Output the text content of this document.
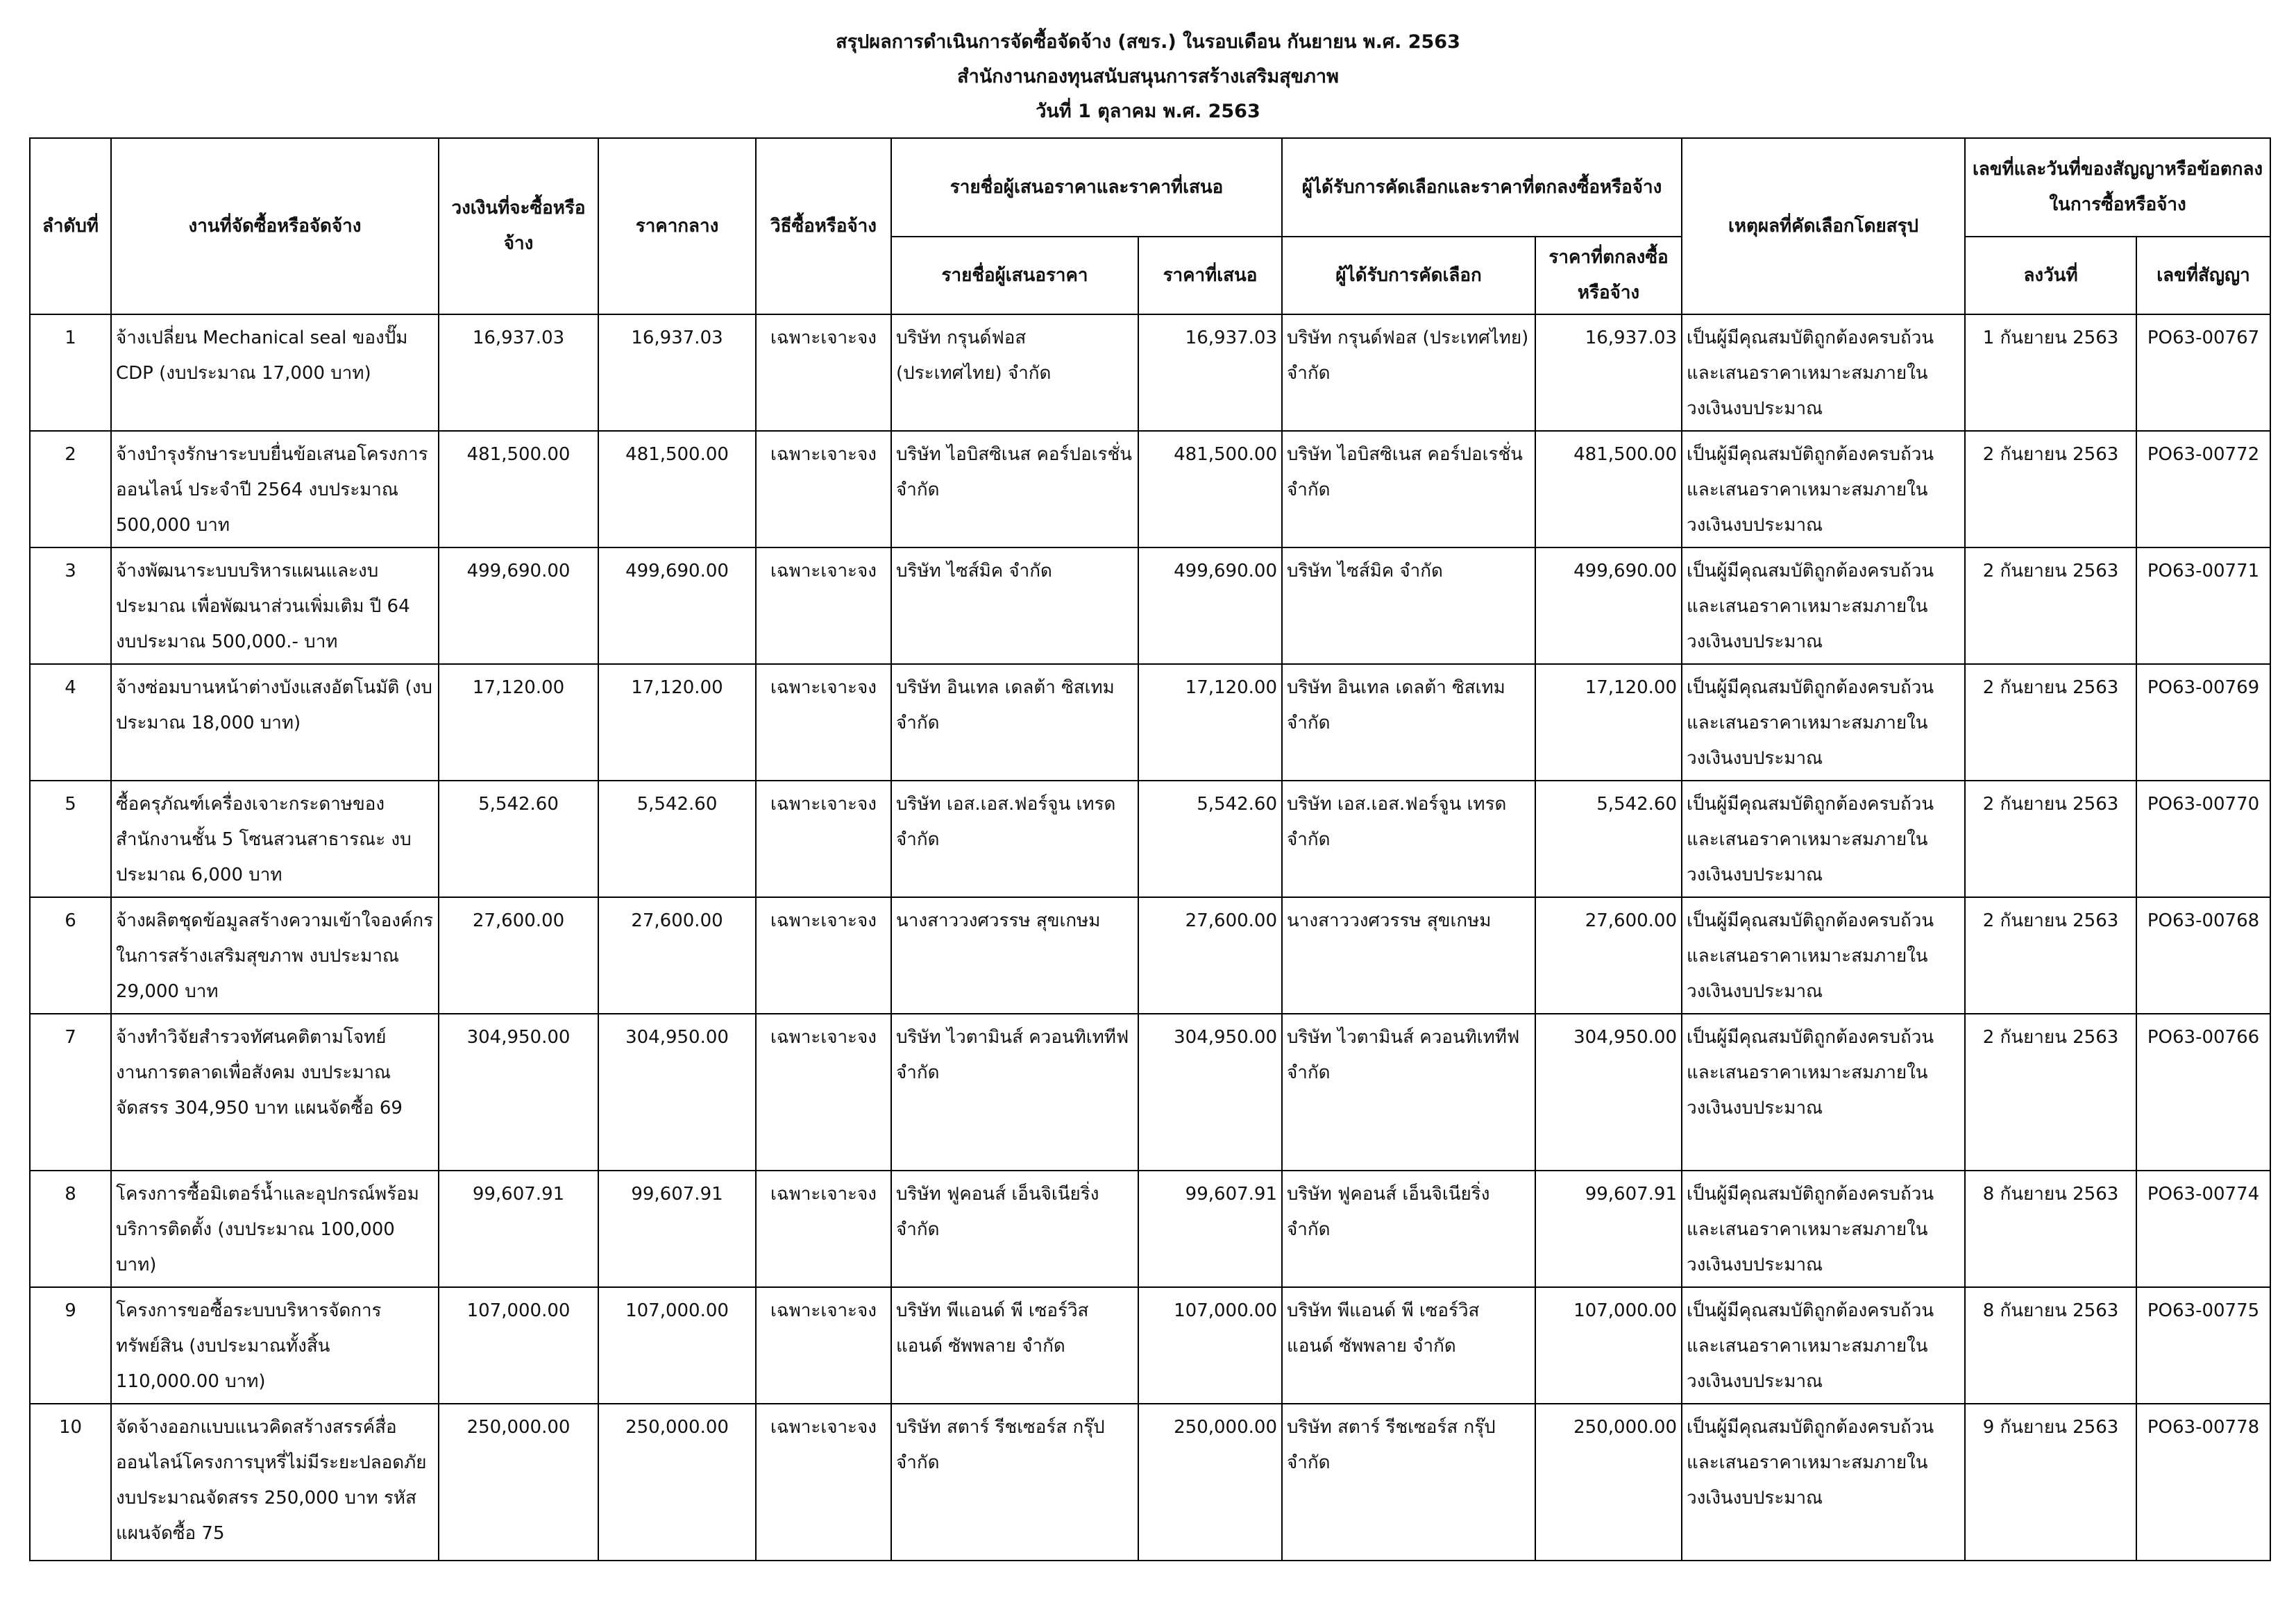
สรุปผลการดำเนินการจัดซื้อจัดจ้าง (สขร.) ในรอบเดือน กันยายน พ.ศ. 2563
สำนักงานกองทุนสนับสนุนการสร้างเสริมสุขภาพ
วันที่ 1 ตุลาคม พ.ศ. 2563
ลำดับที่	งานที่จัดซื้อหรือจัดจ้าง	วงเงินที่จะซื้อหรือจ้าง	ราคากลาง	วิธีซื้อหรือจ้าง	รายชื่อผู้เสนอราคาและราคาที่เสนอ		ผู้ได้รับการคัดเลือกและราคาที่ตกลงซื้อหรือจ้าง		เหตุผลที่คัดเลือกโดยสรุป	เลขที่และวันที่ของสัญญาหรือข้อตกลงในการซื้อหรือจ้าง	
					รายชื่อผู้เสนอราคา	ราคาที่เสนอ	ผู้ได้รับการคัดเลือก	ราคาที่ตกลงซื้อหรือจ้าง		ลงวันที่	เลขที่สัญญา
1	จ้างเปลี่ยน Mechanical seal ของปั๊ม CDP (งบประมาณ 17,000 บาท)	16,937.03	16,937.03	เฉพาะเจาะจง	บริษัท กรุนด์ฟอส (ประเทศไทย) จำกัด	16,937.03	บริษัท กรุนด์ฟอส (ประเทศไทย) จำกัด	16,937.03	เป็นผู้มีคุณสมบัติถูกต้องครบถ้วนและเสนอราคาเหมาะสมภายในวงเงินงบประมาณ	1 กันยายน 2563	PO63-00767
2	จ้างบำรุงรักษาระบบยื่นข้อเสนอโครงการออนไลน์ ประจำปี 2564 งบประมาณ 500,000 บาท	481,500.00	481,500.00	เฉพาะเจาะจง	บริษัท ไอบิสซิเนส คอร์ปอเรชั่น จำกัด	481,500.00	บริษัท ไอบิสซิเนส คอร์ปอเรชั่น จำกัด	481,500.00	เป็นผู้มีคุณสมบัติถูกต้องครบถ้วนและเสนอราคาเหมาะสมภายในวงเงินงบประมาณ	2 กันยายน 2563	PO63-00772
3	จ้างพัฒนาระบบบริหารแผนและงบประมาณ เพื่อพัฒนาส่วนเพิ่มเติม ปี 64 งบประมาณ 500,000.- บาท	499,690.00	499,690.00	เฉพาะเจาะจง	บริษัท ไซส์มิค จำกัด	499,690.00	บริษัท ไซส์มิค จำกัด	499,690.00	เป็นผู้มีคุณสมบัติถูกต้องครบถ้วนและเสนอราคาเหมาะสมภายในวงเงินงบประมาณ	2 กันยายน 2563	PO63-00771
4	จ้างซ่อมบานหน้าต่างบังแสงอัตโนมัติ (งบประมาณ 18,000 บาท)	17,120.00	17,120.00	เฉพาะเจาะจง	บริษัท อินเทล เดลต้า ซิสเทม จำกัด	17,120.00	บริษัท อินเทล เดลต้า ซิสเทม จำกัด	17,120.00	เป็นผู้มีคุณสมบัติถูกต้องครบถ้วนและเสนอราคาเหมาะสมภายในวงเงินงบประมาณ	2 กันยายน 2563	PO63-00769
5	ซื้อครุภัณฑ์เครื่องเจาะกระดาษของสำนักงานชั้น 5 โซนสวนสาธารณะ งบประมาณ 6,000 บาท	5,542.60	5,542.60	เฉพาะเจาะจง	บริษัท เอส.เอส.ฟอร์จูน เทรด จำกัด	5,542.60	บริษัท เอส.เอส.ฟอร์จูน เทรด จำกัด	5,542.60	เป็นผู้มีคุณสมบัติถูกต้องครบถ้วนและเสนอราคาเหมาะสมภายในวงเงินงบประมาณ	2 กันยายน 2563	PO63-00770
6	จ้างผลิตชุดข้อมูลสร้างความเข้าใจองค์กรในการสร้างเสริมสุขภาพ งบประมาณ 29,000 บาท	27,600.00	27,600.00	เฉพาะเจาะจง	นางสาววงศวรรษ สุขเกษม	27,600.00	นางสาววงศวรรษ สุขเกษม	27,600.00	เป็นผู้มีคุณสมบัติถูกต้องครบถ้วนและเสนอราคาเหมาะสมภายในวงเงินงบประมาณ	2 กันยายน 2563	PO63-00768
7	จ้างทำวิจัยสำรวจทัศนคติตามโจทย์งานการตลาดเพื่อสังคม งบประมาณจัดสรร 304,950 บาท แผนจัดซื้อ 69	304,950.00	304,950.00	เฉพาะเจาะจง	บริษัท ไวตามินส์ ควอนทิเททีฟ จำกัด	304,950.00	บริษัท ไวตามินส์ ควอนทิเททีฟ จำกัด	304,950.00	เป็นผู้มีคุณสมบัติถูกต้องครบถ้วนและเสนอราคาเหมาะสมภายในวงเงินงบประมาณ	2 กันยายน 2563	PO63-00766
8	โครงการซื้อมิเตอร์น้ำและอุปกรณ์พร้อมบริการติดตั้ง (งบประมาณ 100,000 บาท)	99,607.91	99,607.91	เฉพาะเจาะจง	บริษัท ฟูคอนส์ เอ็นจิเนียริ่ง จำกัด	99,607.91	บริษัท ฟูคอนส์ เอ็นจิเนียริ่ง จำกัด	99,607.91	เป็นผู้มีคุณสมบัติถูกต้องครบถ้วนและเสนอราคาเหมาะสมภายในวงเงินงบประมาณ	8 กันยายน 2563	PO63-00774
9	โครงการขอซื้อระบบบริหารจัดการทรัพย์สิน (งบประมาณทั้งสิ้น 110,000.00 บาท)	107,000.00	107,000.00	เฉพาะเจาะจง	บริษัท พีแอนด์ พี เซอร์วิส แอนด์ ซัพพลาย จำกัด	107,000.00	บริษัท พีแอนด์ พี เซอร์วิส แอนด์ ซัพพลาย จำกัด	107,000.00	เป็นผู้มีคุณสมบัติถูกต้องครบถ้วนและเสนอราคาเหมาะสมภายในวงเงินงบประมาณ	8 กันยายน 2563	PO63-00775
10	จัดจ้างออกแบบแนวคิดสร้างสรรค์สื่อออนไลน์โครงการบุหรี่ไม่มีระยะปลอดภัย งบประมาณจัดสรร 250,000 บาท รหัสแผนจัดซื้อ 75	250,000.00	250,000.00	เฉพาะเจาะจง	บริษัท สตาร์ รีชเซอร์ส กรุ๊ป จำกัด	250,000.00	บริษัท สตาร์ รีชเซอร์ส กรุ๊ป จำกัด	250,000.00	เป็นผู้มีคุณสมบัติถูกต้องครบถ้วนและเสนอราคาเหมาะสมภายในวงเงินงบประมาณ	9 กันยายน 2563	PO63-00778
